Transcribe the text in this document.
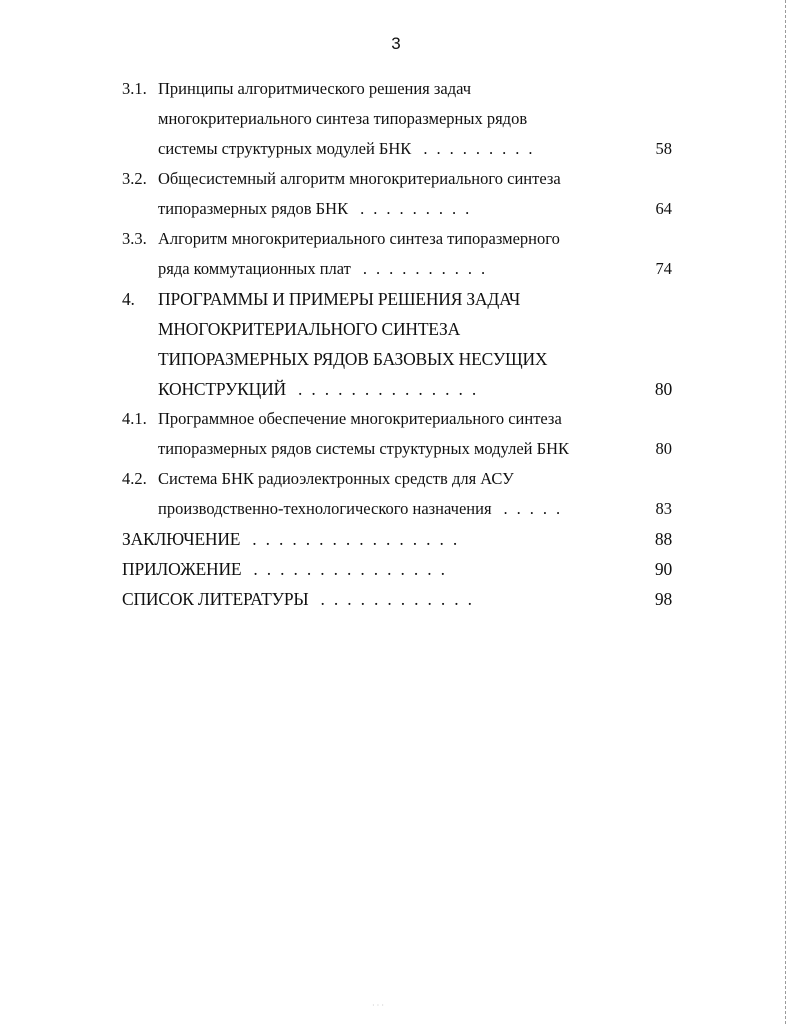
3
3.1. Принципы алгоритмического решения задач
многокритериального синтеза типоразмерных рядов
системы структурных модулей БНК .........	58
3.2. Общесистемный алгоритм многокритериального синтеза
типоразмерных рядов БНК .........	64
3.3. Алгоритм многокритериального синтеза типоразмерного
ряда коммутационных плат ..........	74
4. ПРОГРАММЫ И ПРИМЕРЫ РЕШЕНИЯ ЗАДАЧ
МНОГОКРИТЕРИАЛЬНОГО СИНТЕЗА
ТИПОРАЗМЕРНЫХ РЯДОВ БАЗОВЫХ НЕСУЩИХ
КОНСТРУКЦИЙ ..............	80
4.1. Программное обеспечение многокритериального синтеза
типоразмерных рядов системы структурных модулей БНК	80
4.2. Система БНК радиоэлектронных средств для АСУ
производственно-технологического назначения .....	83
ЗАКЛЮЧЕНИЕ ................	88
ПРИЛОЖЕНИЕ ...............	90
СПИСОК ЛИТЕРАТУРЫ ............	98
· · ·
